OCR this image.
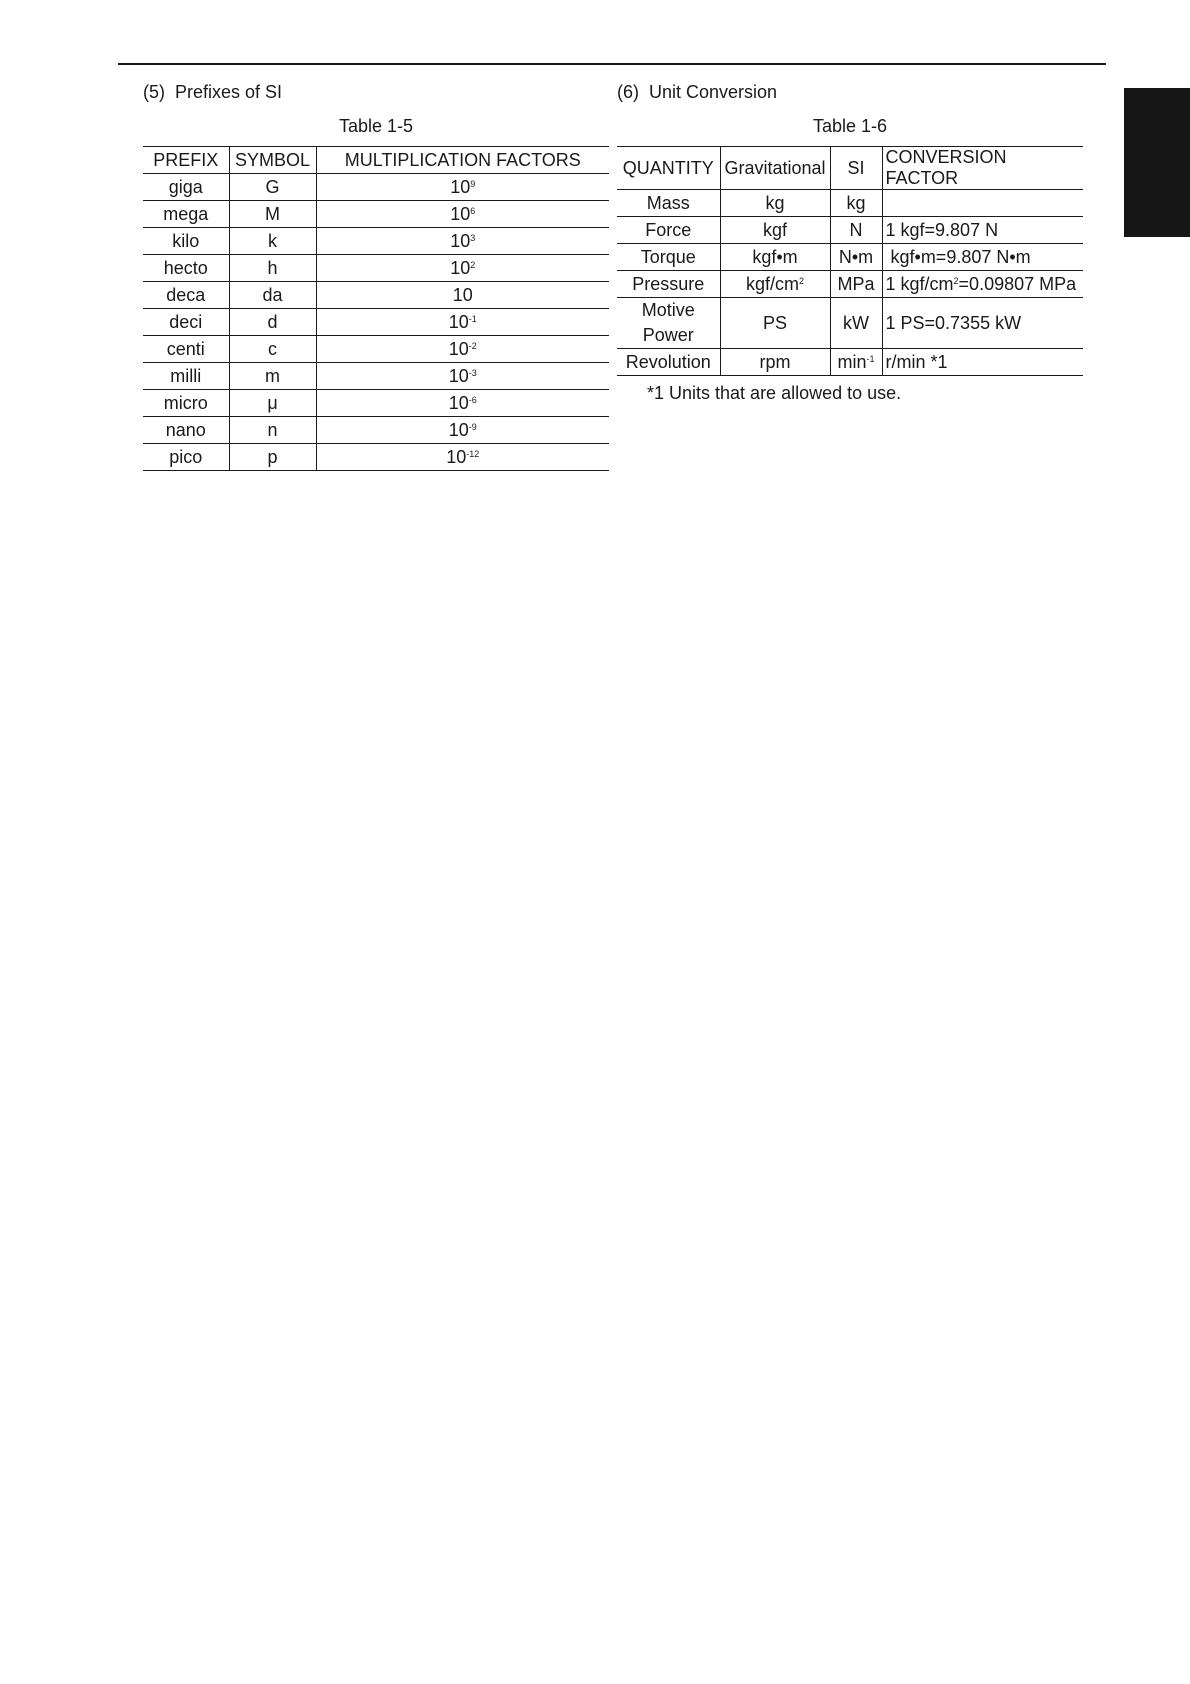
(5)  Prefixes of SI
Table 1-5
PREFIX	SYMBOL	MULTIPLICATION FACTORS
giga	G	$10^9$
mega	M	$10^6$
kilo	k	$10^3$
hecto	h	$10^2$
deca	da	10
deci	d	$10^{-1}$
centi	c	$10^{-2}$
milli	m	$10^{-3}$
micro	μ	$10^{-6}$
nano	n	$10^{-9}$
pico	p	$10^{-12}$
(6)  Unit Conversion
Table 1-6
QUANTITY	Gravitational	SI	CONVERSION FACTOR
Mass	kg	kg	
Force	kgf	N	1 kgf=9.807 N
Torque	kgf•m	N•m	kgf•m=9.807 N•m
Pressure	kgf/$cm^2$	MPa	1 kgf/$cm^2=0.09807$ MPa
Motive
Power	PS	kW	1 PS=0.7355 kW
Revolution	rpm	$\min^{-1}$	r/min *1
*1 Units that are allowed to use.
